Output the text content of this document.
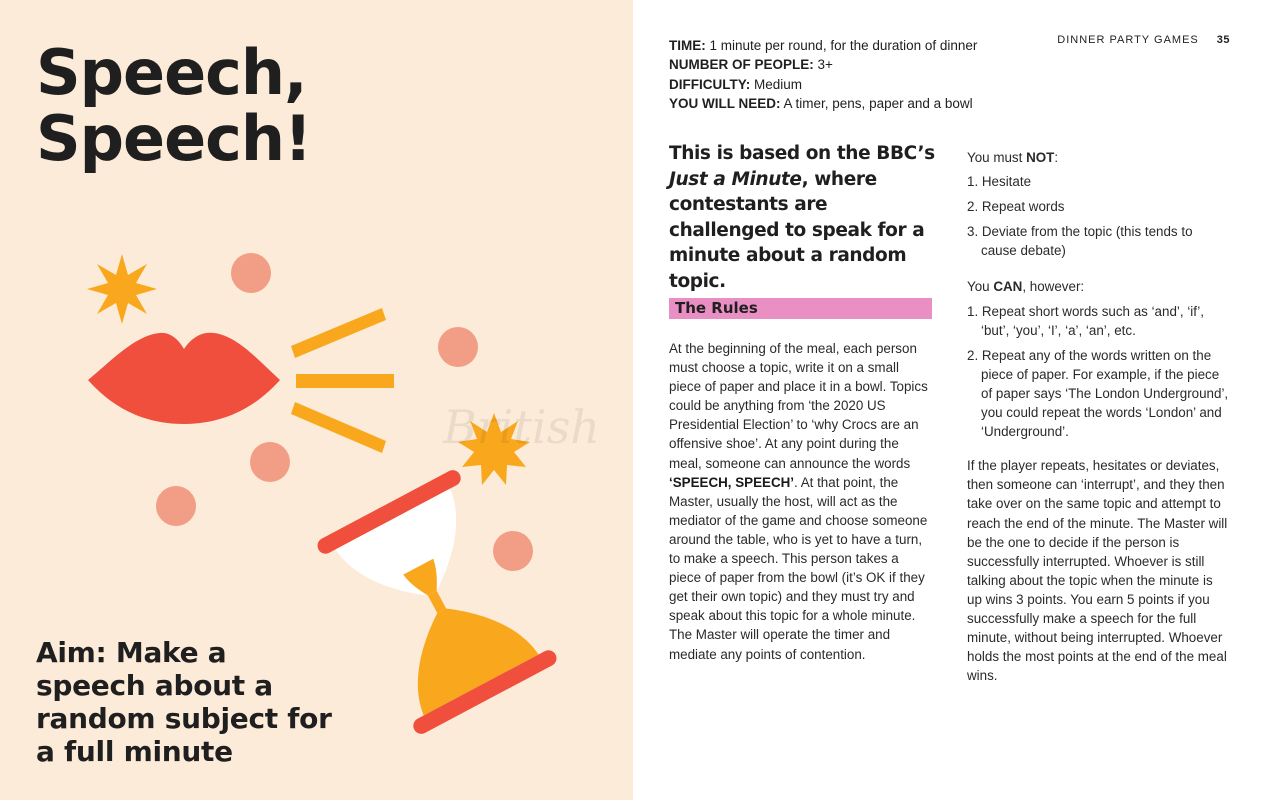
Speech,
Speech!
Aim: Make a speech about a random subject for a full minute
DINNER PARTY GAMES 35
TIME: 1 minute per round, for the duration of dinner
NUMBER OF PEOPLE: 3+
DIFFICULTY: Medium
YOU WILL NEED: A timer, pens, paper and a bowl

This is based on the BBC’s Just a Minute, where contestants are challenged to speak for a minute about a random topic.

The Rules

At the beginning of the meal, each person must choose a topic, write it on a small piece of paper and place it in a bowl. Topics could be anything from ‘the 2020 US Presidential Election’ to ‘why Crocs are an offensive shoe’. At any point during the meal, someone can announce the words ‘SPEECH, SPEECH’. At that point, the Master, usually the host, will act as the mediator of the game and choose someone around the table, who is yet to have a turn, to make a speech. This person takes a piece of paper from the bowl (it’s OK if they get their own topic) and they must try and speak about this topic for a whole minute. The Master will operate the timer and mediate any points of contention.

You must NOT:
1. Hesitate
2. Repeat words
3. Deviate from the topic (this tends to cause debate)
You CAN, however:
1. Repeat short words such as ‘and’, ‘if’, ‘but’, ‘you’, ‘I’, ‘a’, ‘an’, etc.
2. Repeat any of the words written on the piece of paper. For example, if the piece of paper says ‘The London Underground’, you could repeat the words ‘London’ and ‘Underground’.

If the player repeats, hesitates or deviates, then someone can ‘interrupt’, and they then take over on the same topic and attempt to reach the end of the minute. The Master will be the one to decide if the person is successfully interrupted. Whoever is still talking about the topic when the minute is up wins 3 points. You earn 5 points if you successfully make a speech for the full minute, without being interrupted. Whoever holds the most points at the end of the meal wins.
